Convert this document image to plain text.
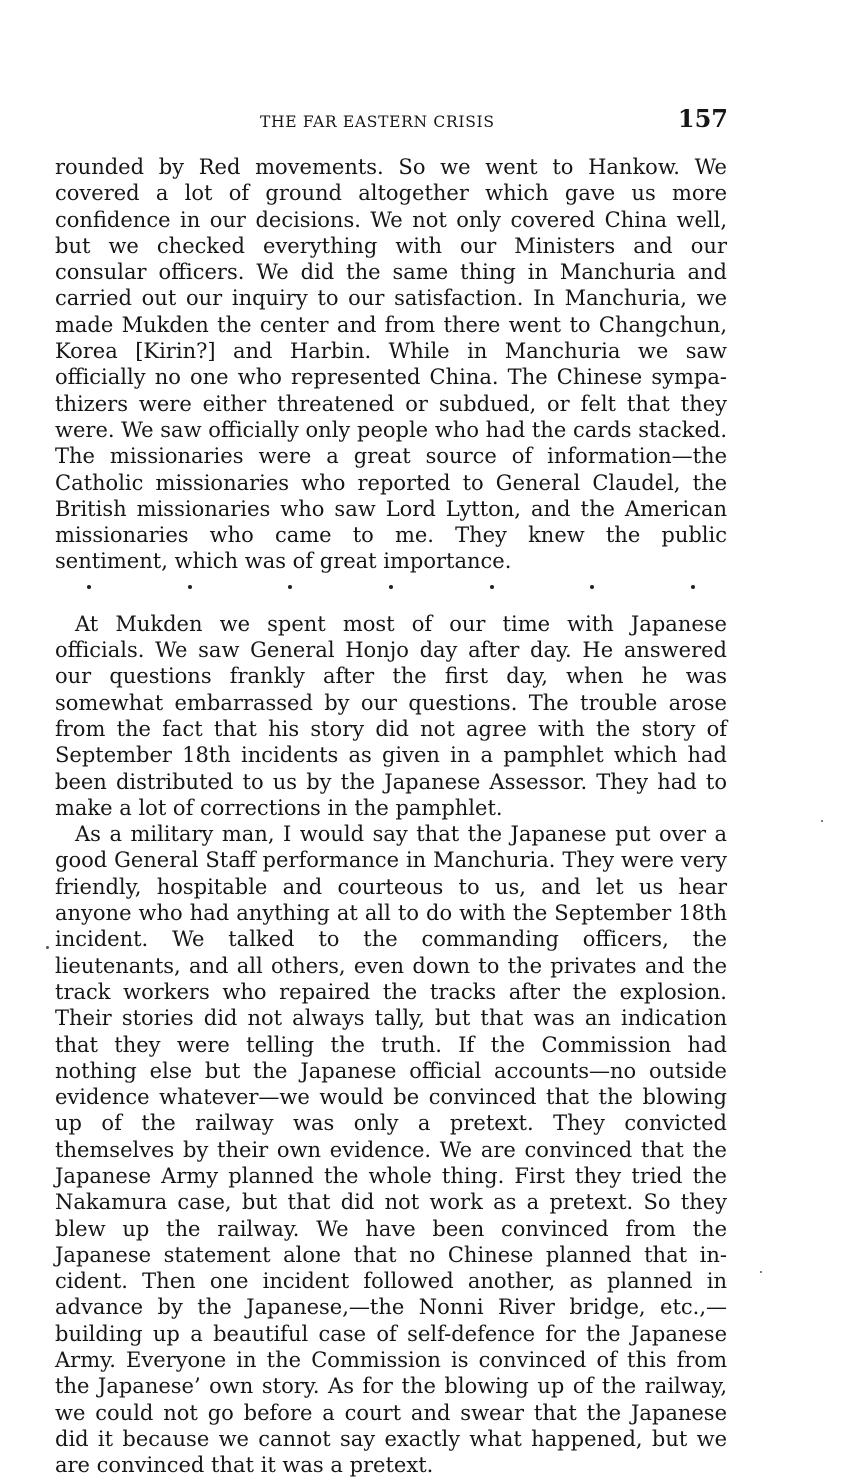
THE FAR EASTERN CRISIS	157

rounded by Red movements. So we went to Hankow. We covered a lot of ground altogether which gave us more confidence in our decisions. We not only covered China well, but we checked everything with our Ministers and our consular officers. We did the same thing in Manchuria and carried out our inquiry to our satisfaction. In Manchuria, we made Mukden the center and from there went to Changchun, Korea [Kirin?] and Harbin. While in Manchuria we saw officially no one who represented China. The Chinese sympathizers were either threatened or subdued, or felt that they were. We saw officially only people who had the cards stacked. The missionaries were a great source of information—the Catholic missionaries who reported to General Claudel, the British missionaries who saw Lord Lytton, and the American missionaries who came to me. They knew the public sentiment, which was of great importance.

At Mukden we spent most of our time with Japanese officials. We saw General Honjo day after day. He answered our questions frankly after the first day, when he was somewhat embarrassed by our questions. The trouble arose from the fact that his story did not agree with the story of September 18th incidents as given in a pamphlet which had been distributed to us by the Japanese Assessor. They had to make a lot of corrections in the pamphlet.

As a military man, I would say that the Japanese put over a good General Staff performance in Manchuria. They were very friendly, hospitable and courteous to us, and let us hear anyone who had anything at all to do with the September 18th incident. We talked to the commanding officers, the lieutenants, and all others, even down to the privates and the track workers who repaired the tracks after the explosion. Their stories did not always tally, but that was an indication that they were telling the truth. If the Commission had nothing else but the Japanese official accounts—no outside evidence whatever—we would be convinced that the blowing up of the railway was only a pretext. They convicted themselves by their own evidence. We are convinced that the Japanese Army planned the whole thing. First they tried the Nakamura case, but that did not work as a pretext. So they blew up the railway. We have been convinced from the Japanese statement alone that no Chinese planned that incident. Then one incident followed another, as planned in advance by the Japanese,—the Nonni River bridge, etc.,—building up a beautiful case of self-defence for the Japanese Army. Everyone in the Commission is convinced of this from the Japanese’ own story. As for the blowing up of the railway, we could not go before a court and swear that the Japanese did it because we cannot say exactly what happened, but we are convinced that it was a pretext.
